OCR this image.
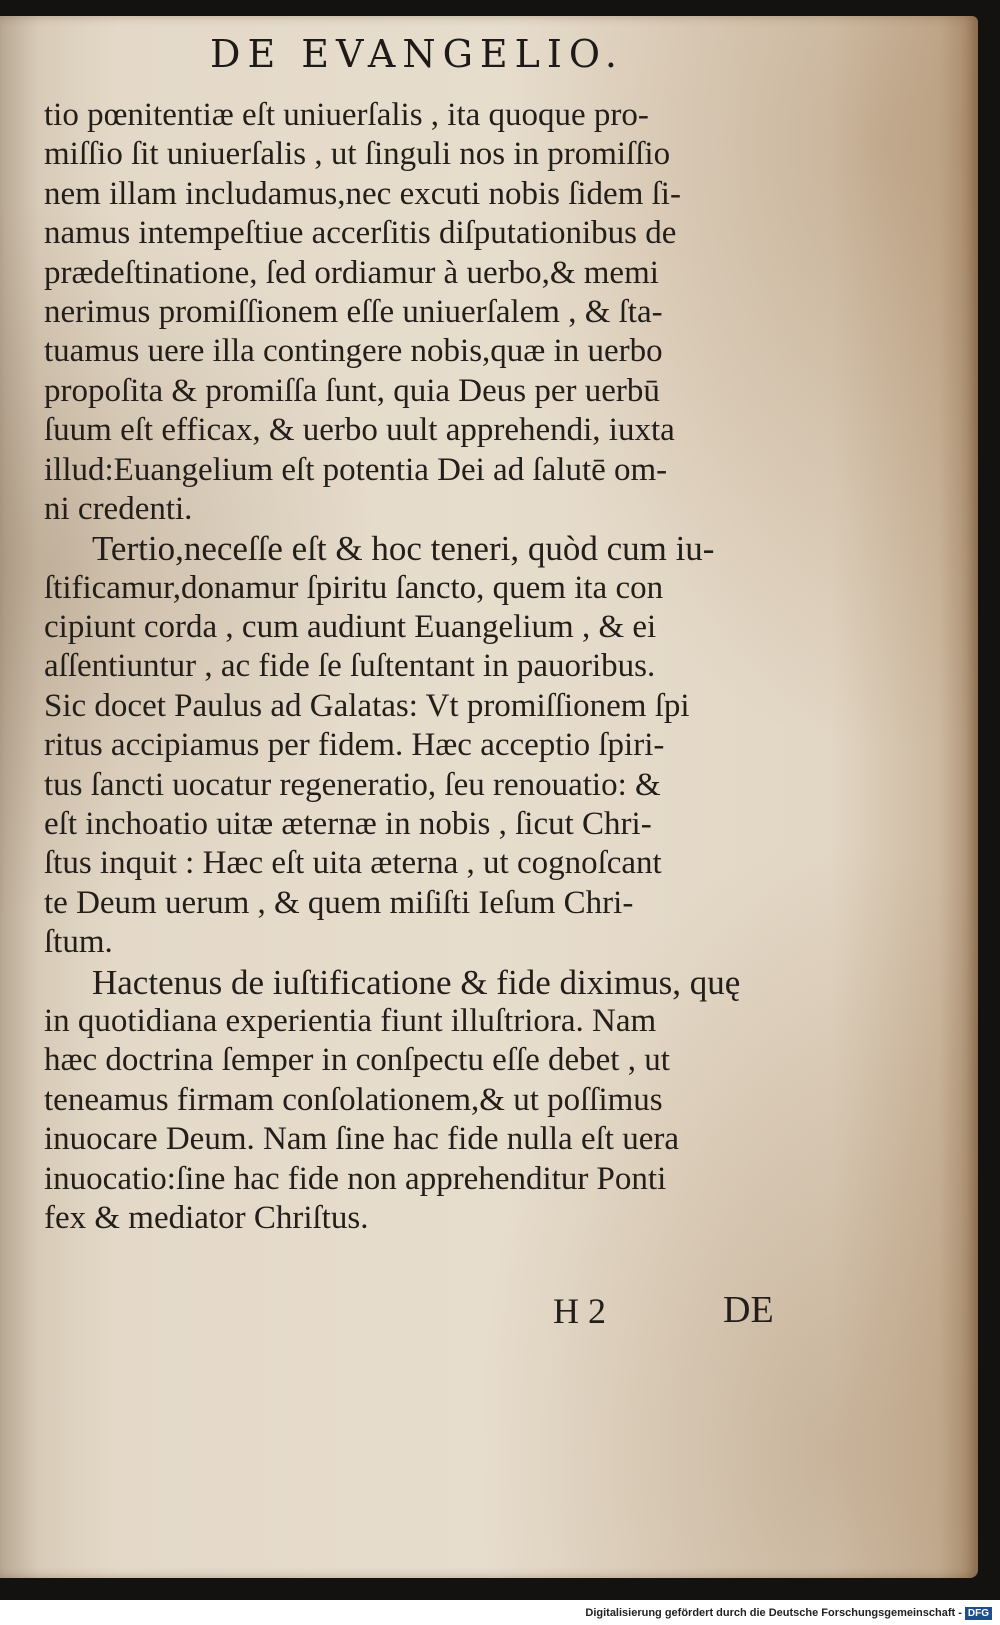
DE EVANGELIO.
tio pœnitentiæ eſt uniuerſalis , ita quoque pro-
miſſio ſit uniuerſalis , ut ſinguli nos in promiſſio
nem illam includamus,nec excuti nobis ſidem ſi-
namus intempeſtiue accerſitis diſputationibus de
prædeſtinatione, ſed ordiamur à uerbo,& memi
nerimus promiſſionem eſſe uniuerſalem , & ſta-
tuamus uere illa contingere nobis,quæ in uerbo
propoſita & promiſſa ſunt, quia Deus per uerbū
ſuum eſt efficax, & uerbo uult apprehendi, iuxta
illud:Euangelium eſt potentia Dei ad ſalutē om-
ni credenti.
Tertio,neceſſe eſt & hoc teneri, quòd cum iu-
ſtificamur,donamur ſpiritu ſancto, quem ita con
cipiunt corda , cum audiunt Euangelium , & ei
aſſentiuntur , ac fide ſe ſuſtentant in pauoribus.
Sic docet Paulus ad Galatas: Vt promiſſionem ſpi
ritus accipiamus per fidem. Hæc acceptio ſpiri-
tus ſancti uocatur regeneratio, ſeu renouatio: &
eſt inchoatio uitæ æternæ in nobis , ſicut Chri-
ſtus inquit : Hæc eſt uita æterna , ut cognoſcant
te Deum uerum , & quem miſiſti Ieſum Chri-
ſtum.
Hactenus de iuſtificatione & fide diximus, quę
in quotidiana experientia fiunt illuſtriora. Nam
hæc doctrina ſemper in conſpectu eſſe debet , ut
teneamus firmam conſolationem,& ut poſſimus
inuocare Deum. Nam ſine hac fide nulla eſt uera
inuocatio:ſine hac fide non apprehenditur Ponti
fex & mediator Chriſtus.
H 2	DE
Digitalisierung gefördert durch die Deutsche Forschungsgemeinschaft - DFG
